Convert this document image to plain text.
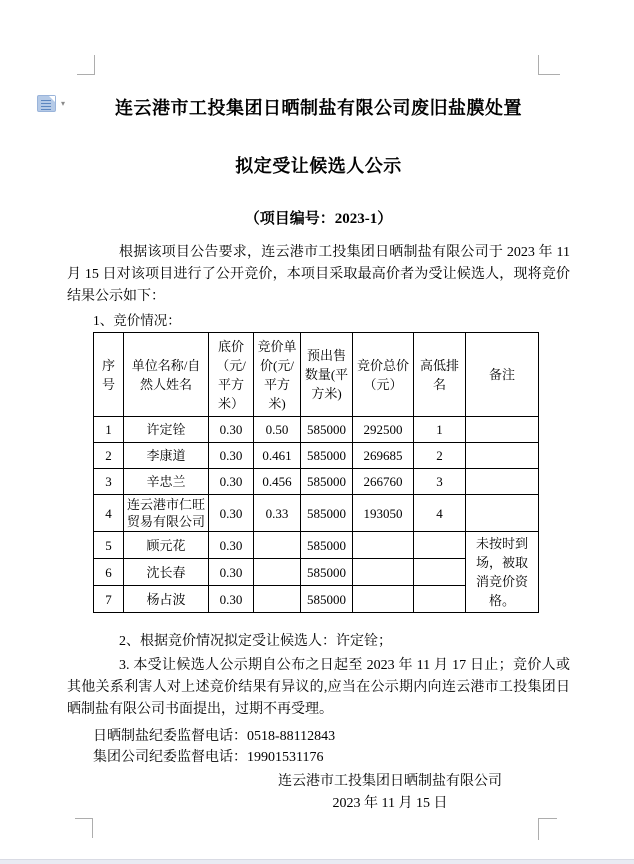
▾	连云港市工投集团日晒制盐有限公司废旧盐膜处置
拟定受让候选人公示
（项目编号：2023-1）

根据该项目公告要求，连云港市工投集团日晒制盐有限公司于 2023 年 11 月 15 日对该项目进行了公开竞价，本项目采取最高价者为受让候选人，现将竞价结果公示如下：

1、竞价情况：

序号	单位名称/自然人姓名	底价（元/平方米）	竞价单价(元/平方米)	预出售数量(平方米)	竞价总价（元）	高低排名	备注
1	许定铨	0.30	0.50	585000	292500	1	
2	李康道	0.30	0.461	585000	269685	2	
3	辛忠兰	0.30	0.456	585000	266760	3	
4	连云港市仁旺贸易有限公司	0.30	0.33	585000	193050	4	
5	顾元花	0.30		585000			未按时到场，被取消竞价资格。
6	沈长春	0.30		585000			
7	杨占波	0.30		585000			

2、根据竞价情况拟定受让候选人：许定铨；

3. 本受让候选人公示期自公布之日起至 2023 年 11 月 17 日止；竞价人或其他关系利害人对上述竞价结果有异议的,应当在公示期内向连云港市工投集团日晒制盐有限公司书面提出，过期不再受理。

日晒制盐纪委监督电话：0518-88112843

集团公司纪委监督电话：19901531176

连云港市工投集团日晒制盐有限公司

2023 年 11 月 15 日
